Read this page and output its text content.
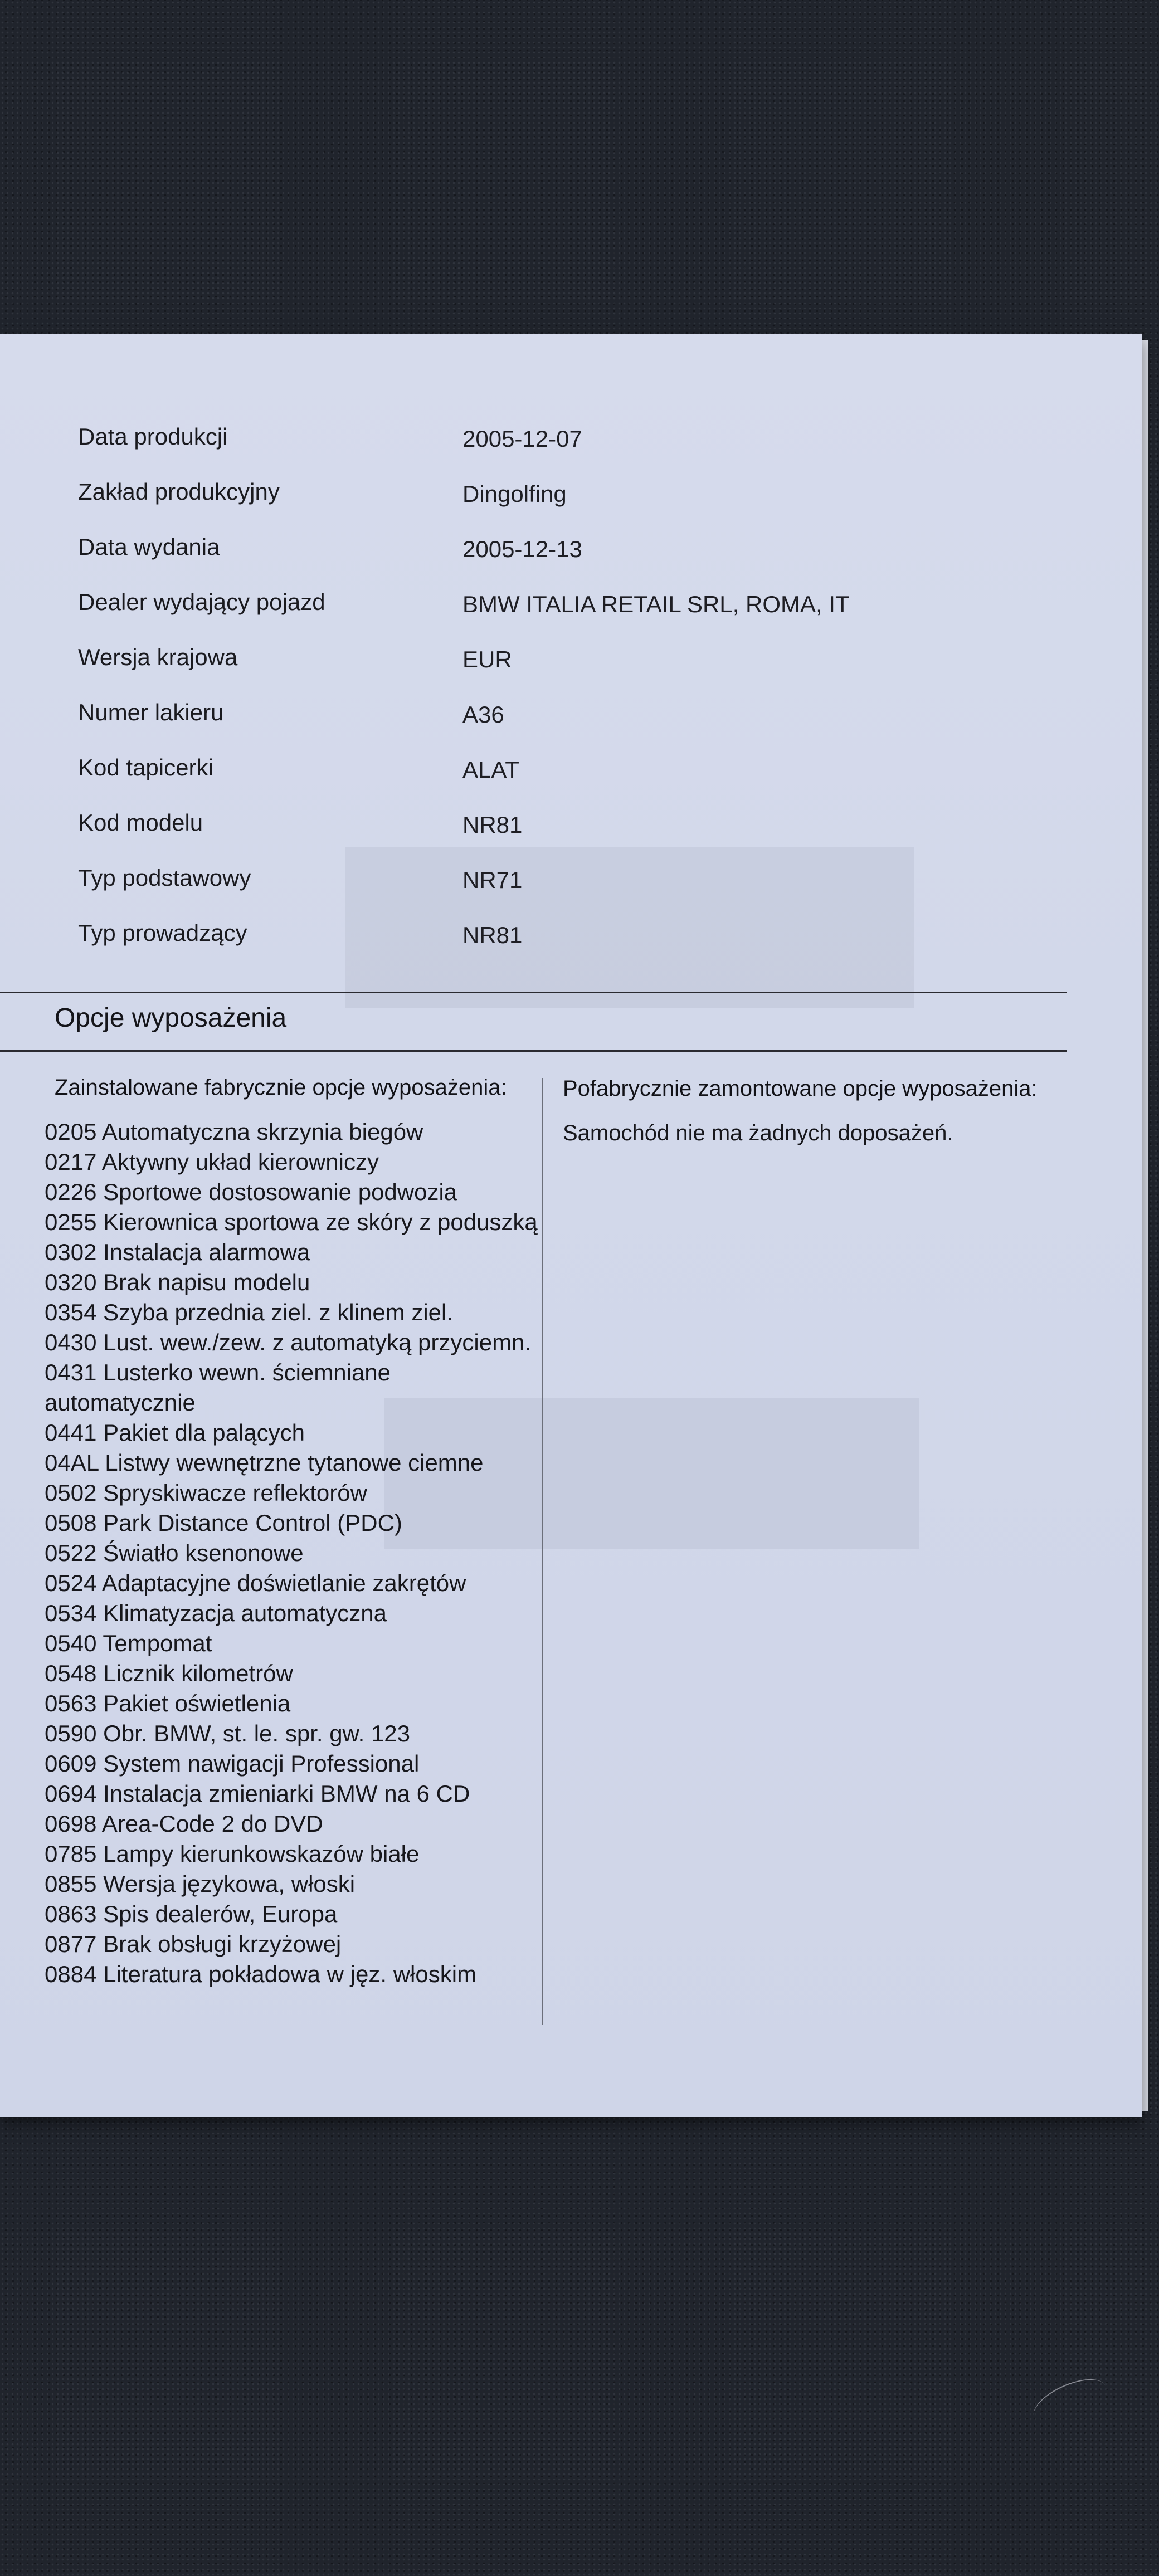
Data produkcji	2005-12-07
Zakład produkcyjny	Dingolfing
Data wydania	2005-12-13
Dealer wydający pojazd	BMW ITALIA RETAIL SRL, ROMA, IT
Wersja krajowa	EUR
Numer lakieru	A36
Kod tapicerki	ALAT
Kod modelu	NR81
Typ podstawowy	NR71
Typ prowadzący	NR81
Opcje wyposażenia
Zainstalowane fabrycznie opcje wyposażenia:	Pofabrycznie zamontowane opcje wyposażenia:
0205 Automatyczna skrzynia biegów
0217 Aktywny układ kierowniczy
0226 Sportowe dostosowanie podwozia
0255 Kierownica sportowa ze skóry z poduszką
0302 Instalacja alarmowa
0320 Brak napisu modelu
0354 Szyba przednia ziel. z klinem ziel.
0430 Lust. wew./zew. z automatyką przyciemn.
0431 Lusterko wewn. ściemniane automatycznie
0441 Pakiet dla palących
04AL Listwy wewnętrzne tytanowe ciemne
0502 Spryskiwacze reflektorów
0508 Park Distance Control (PDC)
0522 Światło ksenonowe
0524 Adaptacyjne doświetlanie zakrętów
0534 Klimatyzacja automatyczna
0540 Tempomat
0548 Licznik kilometrów
0563 Pakiet oświetlenia
0590 Obr. BMW, st. le. spr. gw. 123
0609 System nawigacji Professional
0694 Instalacja zmieniarki BMW na 6 CD
0698 Area-Code 2 do DVD
0785 Lampy kierunkowskazów białe
0855 Wersja językowa, włoski
0863 Spis dealerów, Europa
0877 Brak obsługi krzyżowej
0884 Literatura pokładowa w jęz. włoskim
Samochód nie ma żadnych doposażeń.
